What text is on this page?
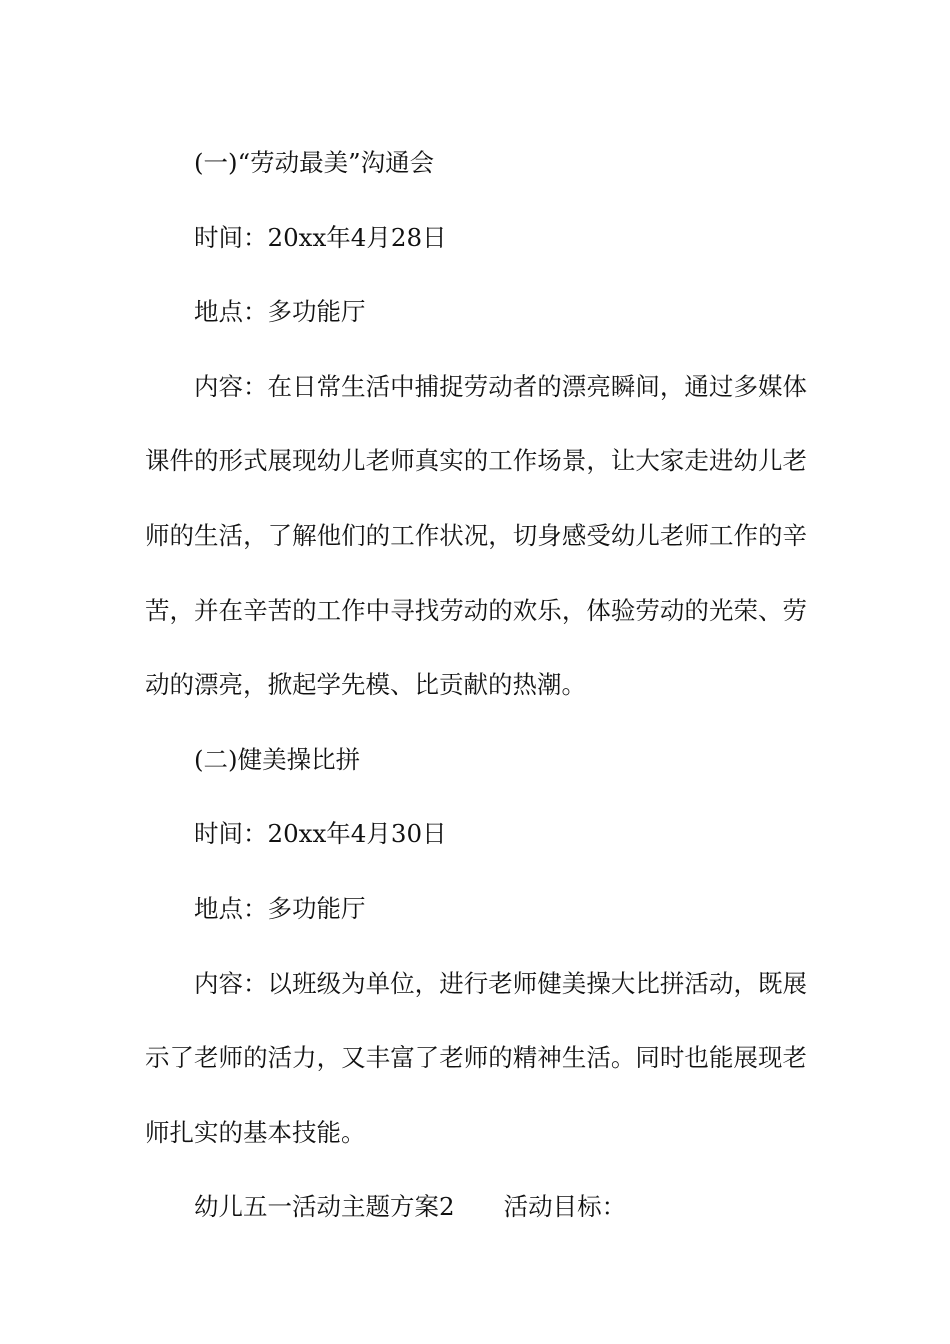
(一)“劳动最美”沟通会

时间：20xx年4月28日

地点：多功能厅

内容：在日常生活中捕捉劳动者的漂亮瞬间，通过多媒体课件的形式展现幼儿老师真实的工作场景，让大家走进幼儿老师的生活，了解他们的工作状况，切身感受幼儿老师工作的辛苦，并在辛苦的工作中寻找劳动的欢乐，体验劳动的光荣、劳动的漂亮，掀起学先模、比贡献的热潮。

(二)健美操比拼

时间：20xx年4月30日

地点：多功能厅

内容：以班级为单位，进行老师健美操大比拼活动，既展示了老师的活力，又丰富了老师的精神生活。同时也能展现老师扎实的基本技能。

幼儿五一活动主题方案2　　活动目标：
